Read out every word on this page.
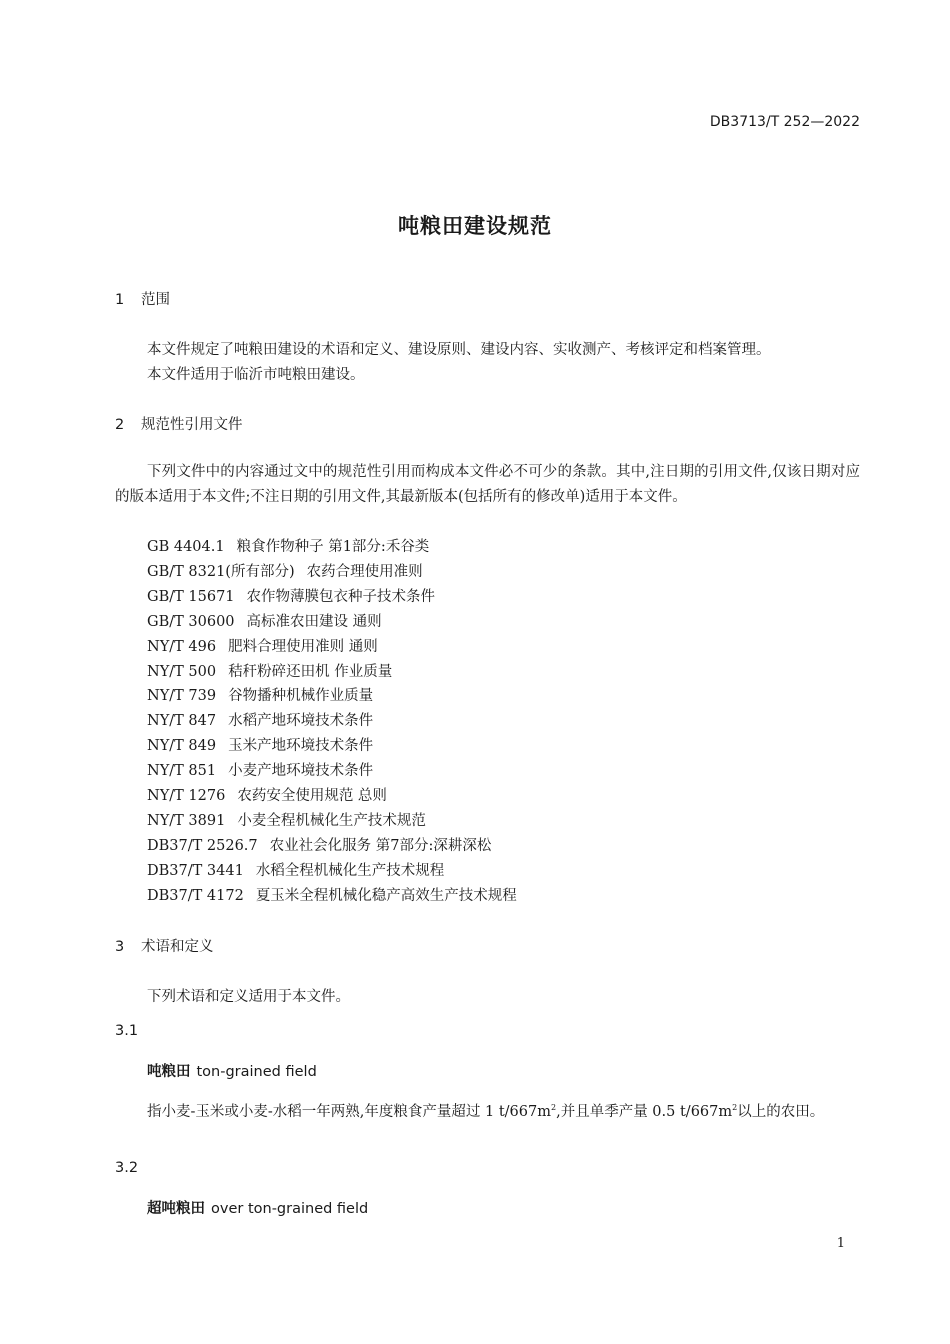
DB3713/T 252—2022
吨粮田建设规范
1 范围
本文件规定了吨粮田建设的术语和定义、建设原则、建设内容、实收测产、考核评定和档案管理。
本文件适用于临沂市吨粮田建设。
2 规范性引用文件
下列文件中的内容通过文中的规范性引用而构成本文件必不可少的条款。其中,注日期的引用文件,仅该日期对应的版本适用于本文件;不注日期的引用文件,其最新版本(包括所有的修改单)适用于本文件。
GB 4404.1 粮食作物种子 第1部分:禾谷类
GB/T 8321(所有部分) 农药合理使用准则
GB/T 15671 农作物薄膜包衣种子技术条件
GB/T 30600 高标准农田建设 通则
NY/T 496 肥料合理使用准则 通则
NY/T 500 秸秆粉碎还田机 作业质量
NY/T 739 谷物播种机械作业质量
NY/T 847 水稻产地环境技术条件
NY/T 849 玉米产地环境技术条件
NY/T 851 小麦产地环境技术条件
NY/T 1276 农药安全使用规范 总则
NY/T 3891 小麦全程机械化生产技术规范
DB37/T 2526.7 农业社会化服务 第7部分:深耕深松
DB37/T 3441 水稻全程机械化生产技术规程
DB37/T 4172 夏玉米全程机械化稳产高效生产技术规程
3 术语和定义
下列术语和定义适用于本文件。
3.1
吨粮田 ton-grained field
指小麦-玉米或小麦-水稻一年两熟,年度粮食产量超过 1 $t/667m^2$,并且单季产量 0.5 $t/667m^2$以上的农田。
3.2
超吨粮田 over ton-grained field
1
